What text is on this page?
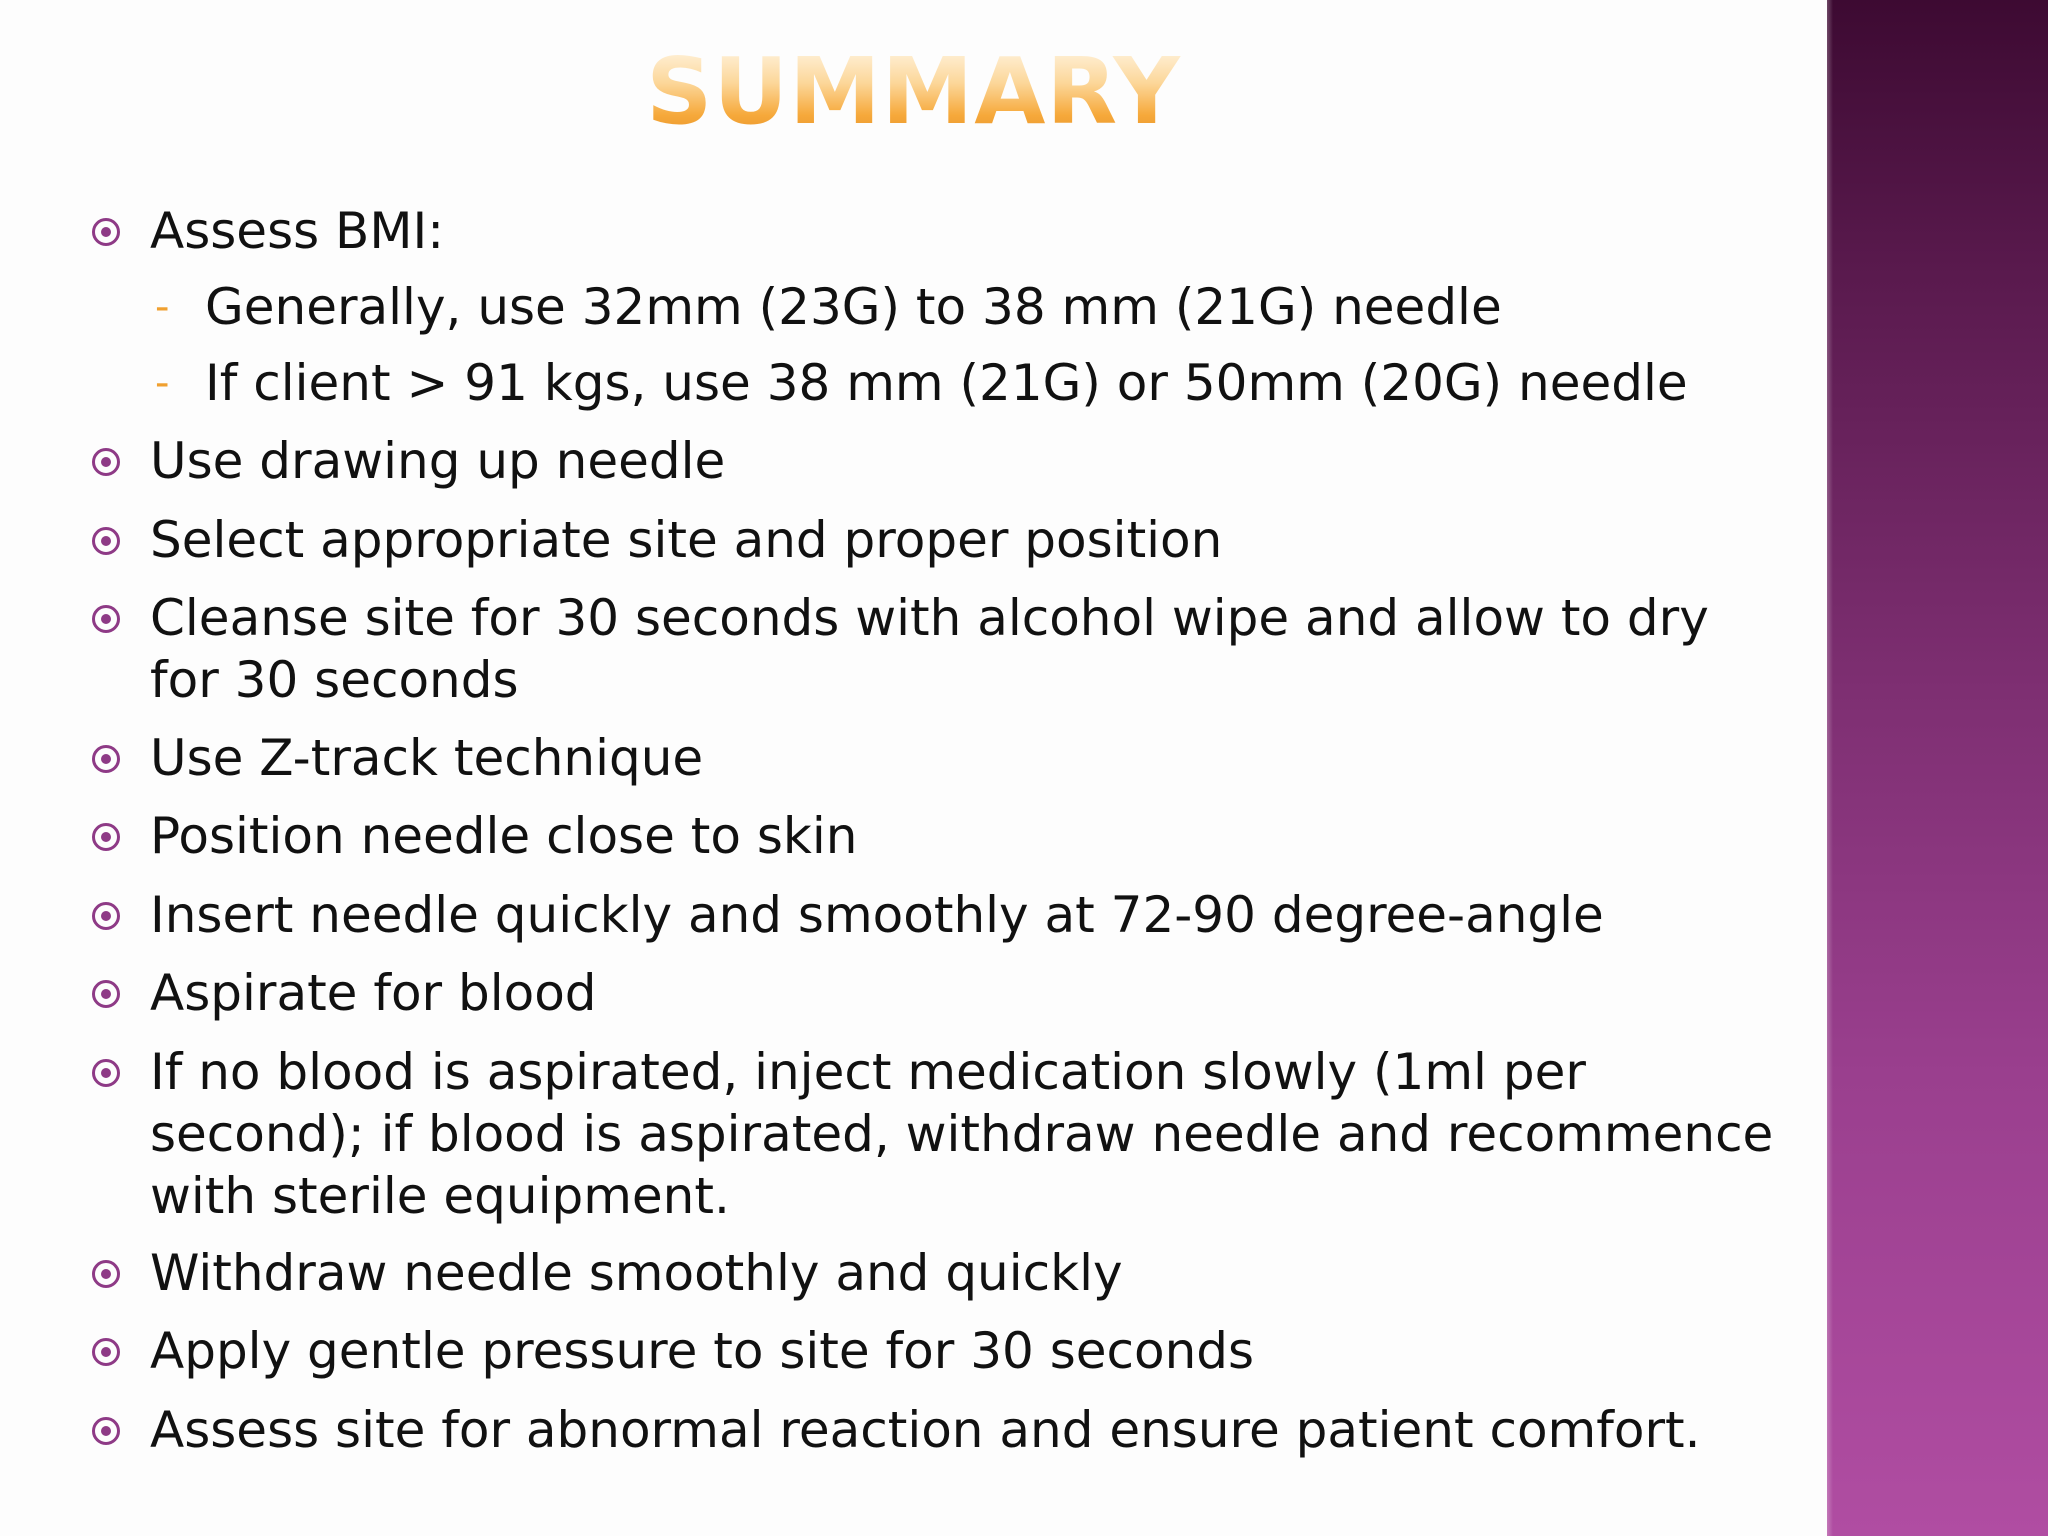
SUMMARY
Assess BMI:
- Generally, use 32mm (23G) to 38 mm (21G) needle
- If client > 91 kgs, use 38 mm (21G) or 50mm (20G) needle
Use drawing up needle
Select appropriate site and proper position
Cleanse site for 30 seconds with alcohol wipe and allow to dry
for 30 seconds
Use Z-track technique
Position needle close to skin
Insert needle quickly and smoothly at 72-90 degree-angle
Aspirate for blood
If no blood is aspirated, inject medication slowly (1ml per
second); if blood is aspirated, withdraw needle and recommence
with sterile equipment.
Withdraw needle smoothly and quickly
Apply gentle pressure to site for 30 seconds
Assess site for abnormal reaction and ensure patient comfort.
